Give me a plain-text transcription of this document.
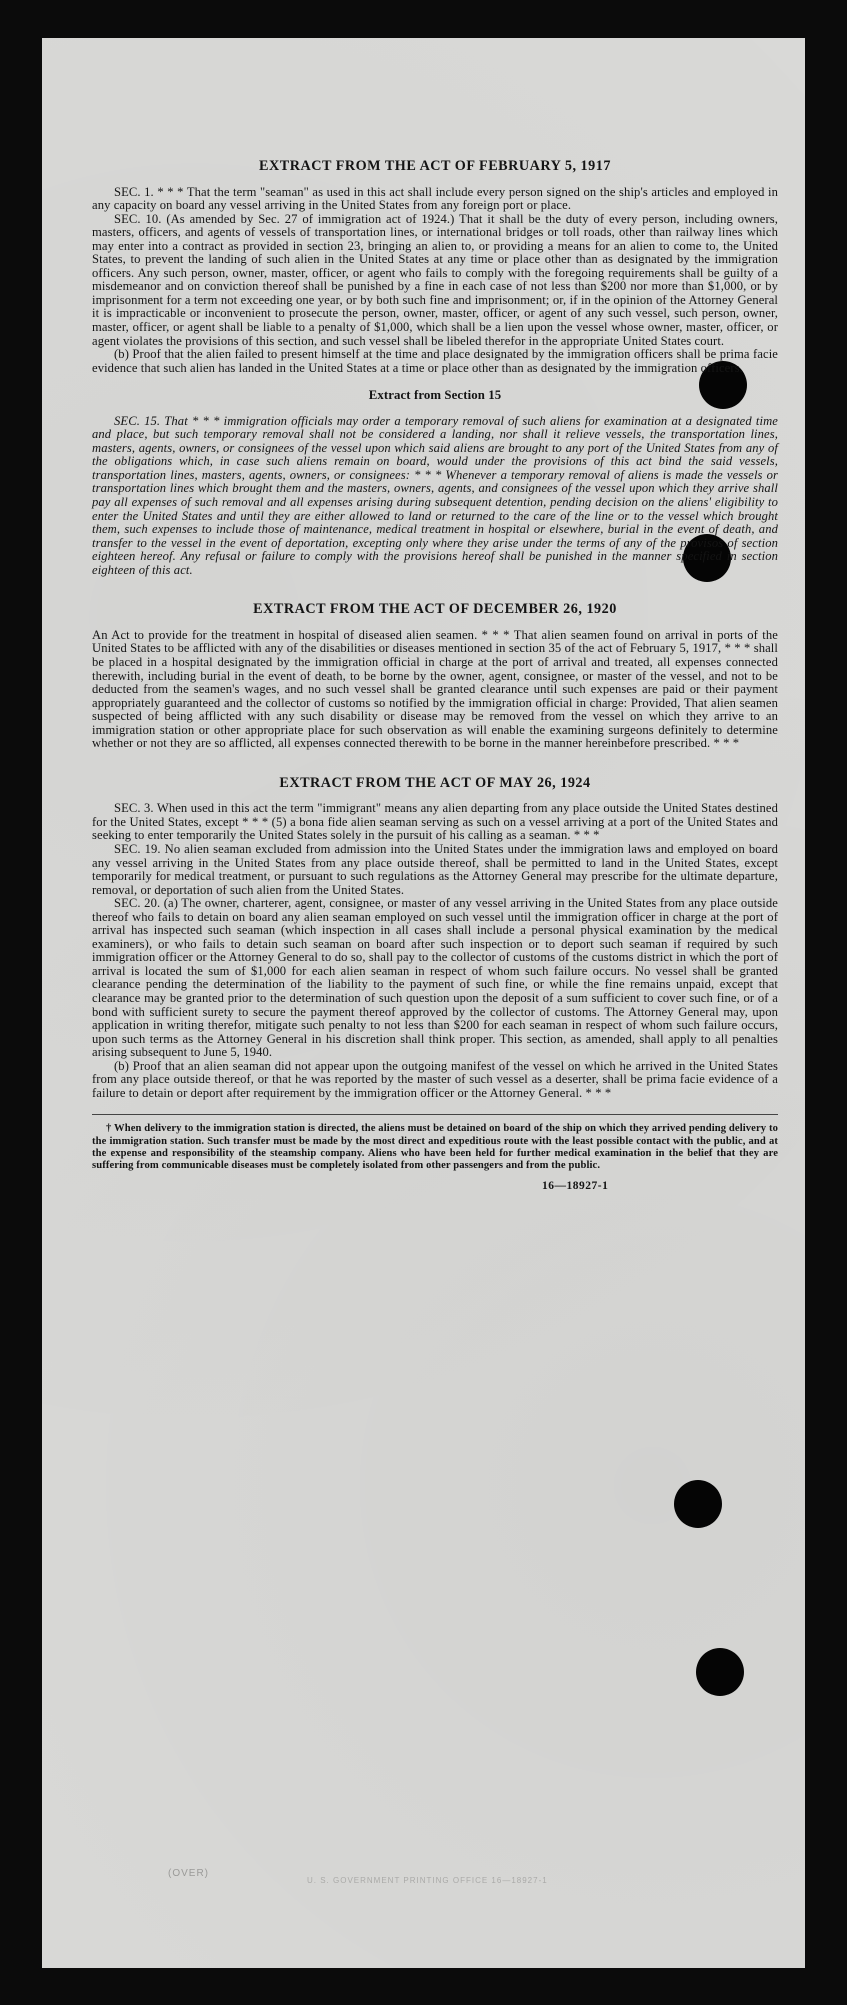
EXTRACT FROM THE ACT OF FEBRUARY 5, 1917

SEC. 1. * * * That the term "seaman" as used in this act shall include every person signed on the ship's articles and employed in any capacity on board any vessel arriving in the United States from any foreign port or place.

SEC. 10. (As amended by Sec. 27 of immigration act of 1924.) That it shall be the duty of every person, including owners, masters, officers, and agents of vessels of transportation lines, or international bridges or toll roads, other than railway lines which may enter into a contract as provided in section 23, bringing an alien to, or providing a means for an alien to come to, the United States, to prevent the landing of such alien in the United States at any time or place other than as designated by the immigration officers. Any such person, owner, master, officer, or agent who fails to comply with the foregoing requirements shall be guilty of a misdemeanor and on conviction thereof shall be punished by a fine in each case of not less than $200 nor more than $1,000, or by imprisonment for a term not exceeding one year, or by both such fine and imprisonment; or, if in the opinion of the Attorney General it is impracticable or inconvenient to prosecute the person, owner, master, officer, or agent of any such vessel, such person, owner, master, officer, or agent shall be liable to a penalty of $1,000, which shall be a lien upon the vessel whose owner, master, officer, or agent violates the provisions of this section, and such vessel shall be libeled therefor in the appropriate United States court.

(b) Proof that the alien failed to present himself at the time and place designated by the immigration officers shall be prima facie evidence that such alien has landed in the United States at a time or place other than as designated by the immigration officers.

Extract from Section 15

SEC. 15. That * * * immigration officials may order a temporary removal of such aliens for examination at a designated time and place, but such temporary removal shall not be considered a landing, nor shall it relieve vessels, the transportation lines, masters, agents, owners, or consignees of the vessel upon which said aliens are brought to any port of the United States from any of the obligations which, in case such aliens remain on board, would under the provisions of this act bind the said vessels, transportation lines, masters, agents, owners, or consignees: * * * Whenever a temporary removal of aliens is made the vessels or transportation lines which brought them and the masters, owners, agents, and consignees of the vessel upon which they arrive shall pay all expenses of such removal and all expenses arising during subsequent detention, pending decision on the aliens' eligibility to enter the United States and until they are either allowed to land or returned to the care of the line or to the vessel which brought them, such expenses to include those of maintenance, medical treatment in hospital or elsewhere, burial in the event of death, and transfer to the vessel in the event of deportation, excepting only where they arise under the terms of any of the provisos of section eighteen hereof. Any refusal or failure to comply with the provisions hereof shall be punished in the manner specified in section eighteen of this act.

EXTRACT FROM THE ACT OF DECEMBER 26, 1920

An Act to provide for the treatment in hospital of diseased alien seamen. * * * That alien seamen found on arrival in ports of the United States to be afflicted with any of the disabilities or diseases mentioned in section 35 of the act of February 5, 1917, * * * shall be placed in a hospital designated by the immigration official in charge at the port of arrival and treated, all expenses connected therewith, including burial in the event of death, to be borne by the owner, agent, consignee, or master of the vessel, and not to be deducted from the seamen's wages, and no such vessel shall be granted clearance until such expenses are paid or their payment appropriately guaranteed and the collector of customs so notified by the immigration official in charge: Provided, That alien seamen suspected of being afflicted with any such disability or disease may be removed from the vessel on which they arrive to an immigration station or other appropriate place for such observation as will enable the examining surgeons definitely to determine whether or not they are so afflicted, all expenses connected therewith to be borne in the manner hereinbefore prescribed. * * *

EXTRACT FROM THE ACT OF MAY 26, 1924

SEC. 3. When used in this act the term "immigrant" means any alien departing from any place outside the United States destined for the United States, except * * * (5) a bona fide alien seaman serving as such on a vessel arriving at a port of the United States and seeking to enter temporarily the United States solely in the pursuit of his calling as a seaman. * * *

SEC. 19. No alien seaman excluded from admission into the United States under the immigration laws and employed on board any vessel arriving in the United States from any place outside thereof, shall be permitted to land in the United States, except temporarily for medical treatment, or pursuant to such regulations as the Attorney General may prescribe for the ultimate departure, removal, or deportation of such alien from the United States.

SEC. 20. (a) The owner, charterer, agent, consignee, or master of any vessel arriving in the United States from any place outside thereof who fails to detain on board any alien seaman employed on such vessel until the immigration officer in charge at the port of arrival has inspected such seaman (which inspection in all cases shall include a personal physical examination by the medical examiners), or who fails to detain such seaman on board after such inspection or to deport such seaman if required by such immigration officer or the Attorney General to do so, shall pay to the collector of customs of the customs district in which the port of arrival is located the sum of $1,000 for each alien seaman in respect of whom such failure occurs. No vessel shall be granted clearance pending the determination of the liability to the payment of such fine, or while the fine remains unpaid, except that clearance may be granted prior to the determination of such question upon the deposit of a sum sufficient to cover such fine, or of a bond with sufficient surety to secure the payment thereof approved by the collector of customs. The Attorney General may, upon application in writing therefor, mitigate such penalty to not less than $200 for each seaman in respect of whom such failure occurs, upon such terms as the Attorney General in his discretion shall think proper. This section, as amended, shall apply to all penalties arising subsequent to June 5, 1940.

(b) Proof that an alien seaman did not appear upon the outgoing manifest of the vessel on which he arrived in the United States from any place outside thereof, or that he was reported by the master of such vessel as a deserter, shall be prima facie evidence of a failure to detain or deport after requirement by the immigration officer or the Attorney General. * * *

† When delivery to the immigration station is directed, the aliens must be detained on board of the ship on which they arrived pending delivery to the immigration station. Such transfer must be made by the most direct and expeditious route with the least possible contact with the public, and at the expense and responsibility of the steamship company. Aliens who have been held for further medical examination in the belief that they are suffering from communicable diseases must be completely isolated from other passengers and from the public.

16—18927-1
(OVER)
U. S. GOVERNMENT PRINTING OFFICE 16—18927-1
